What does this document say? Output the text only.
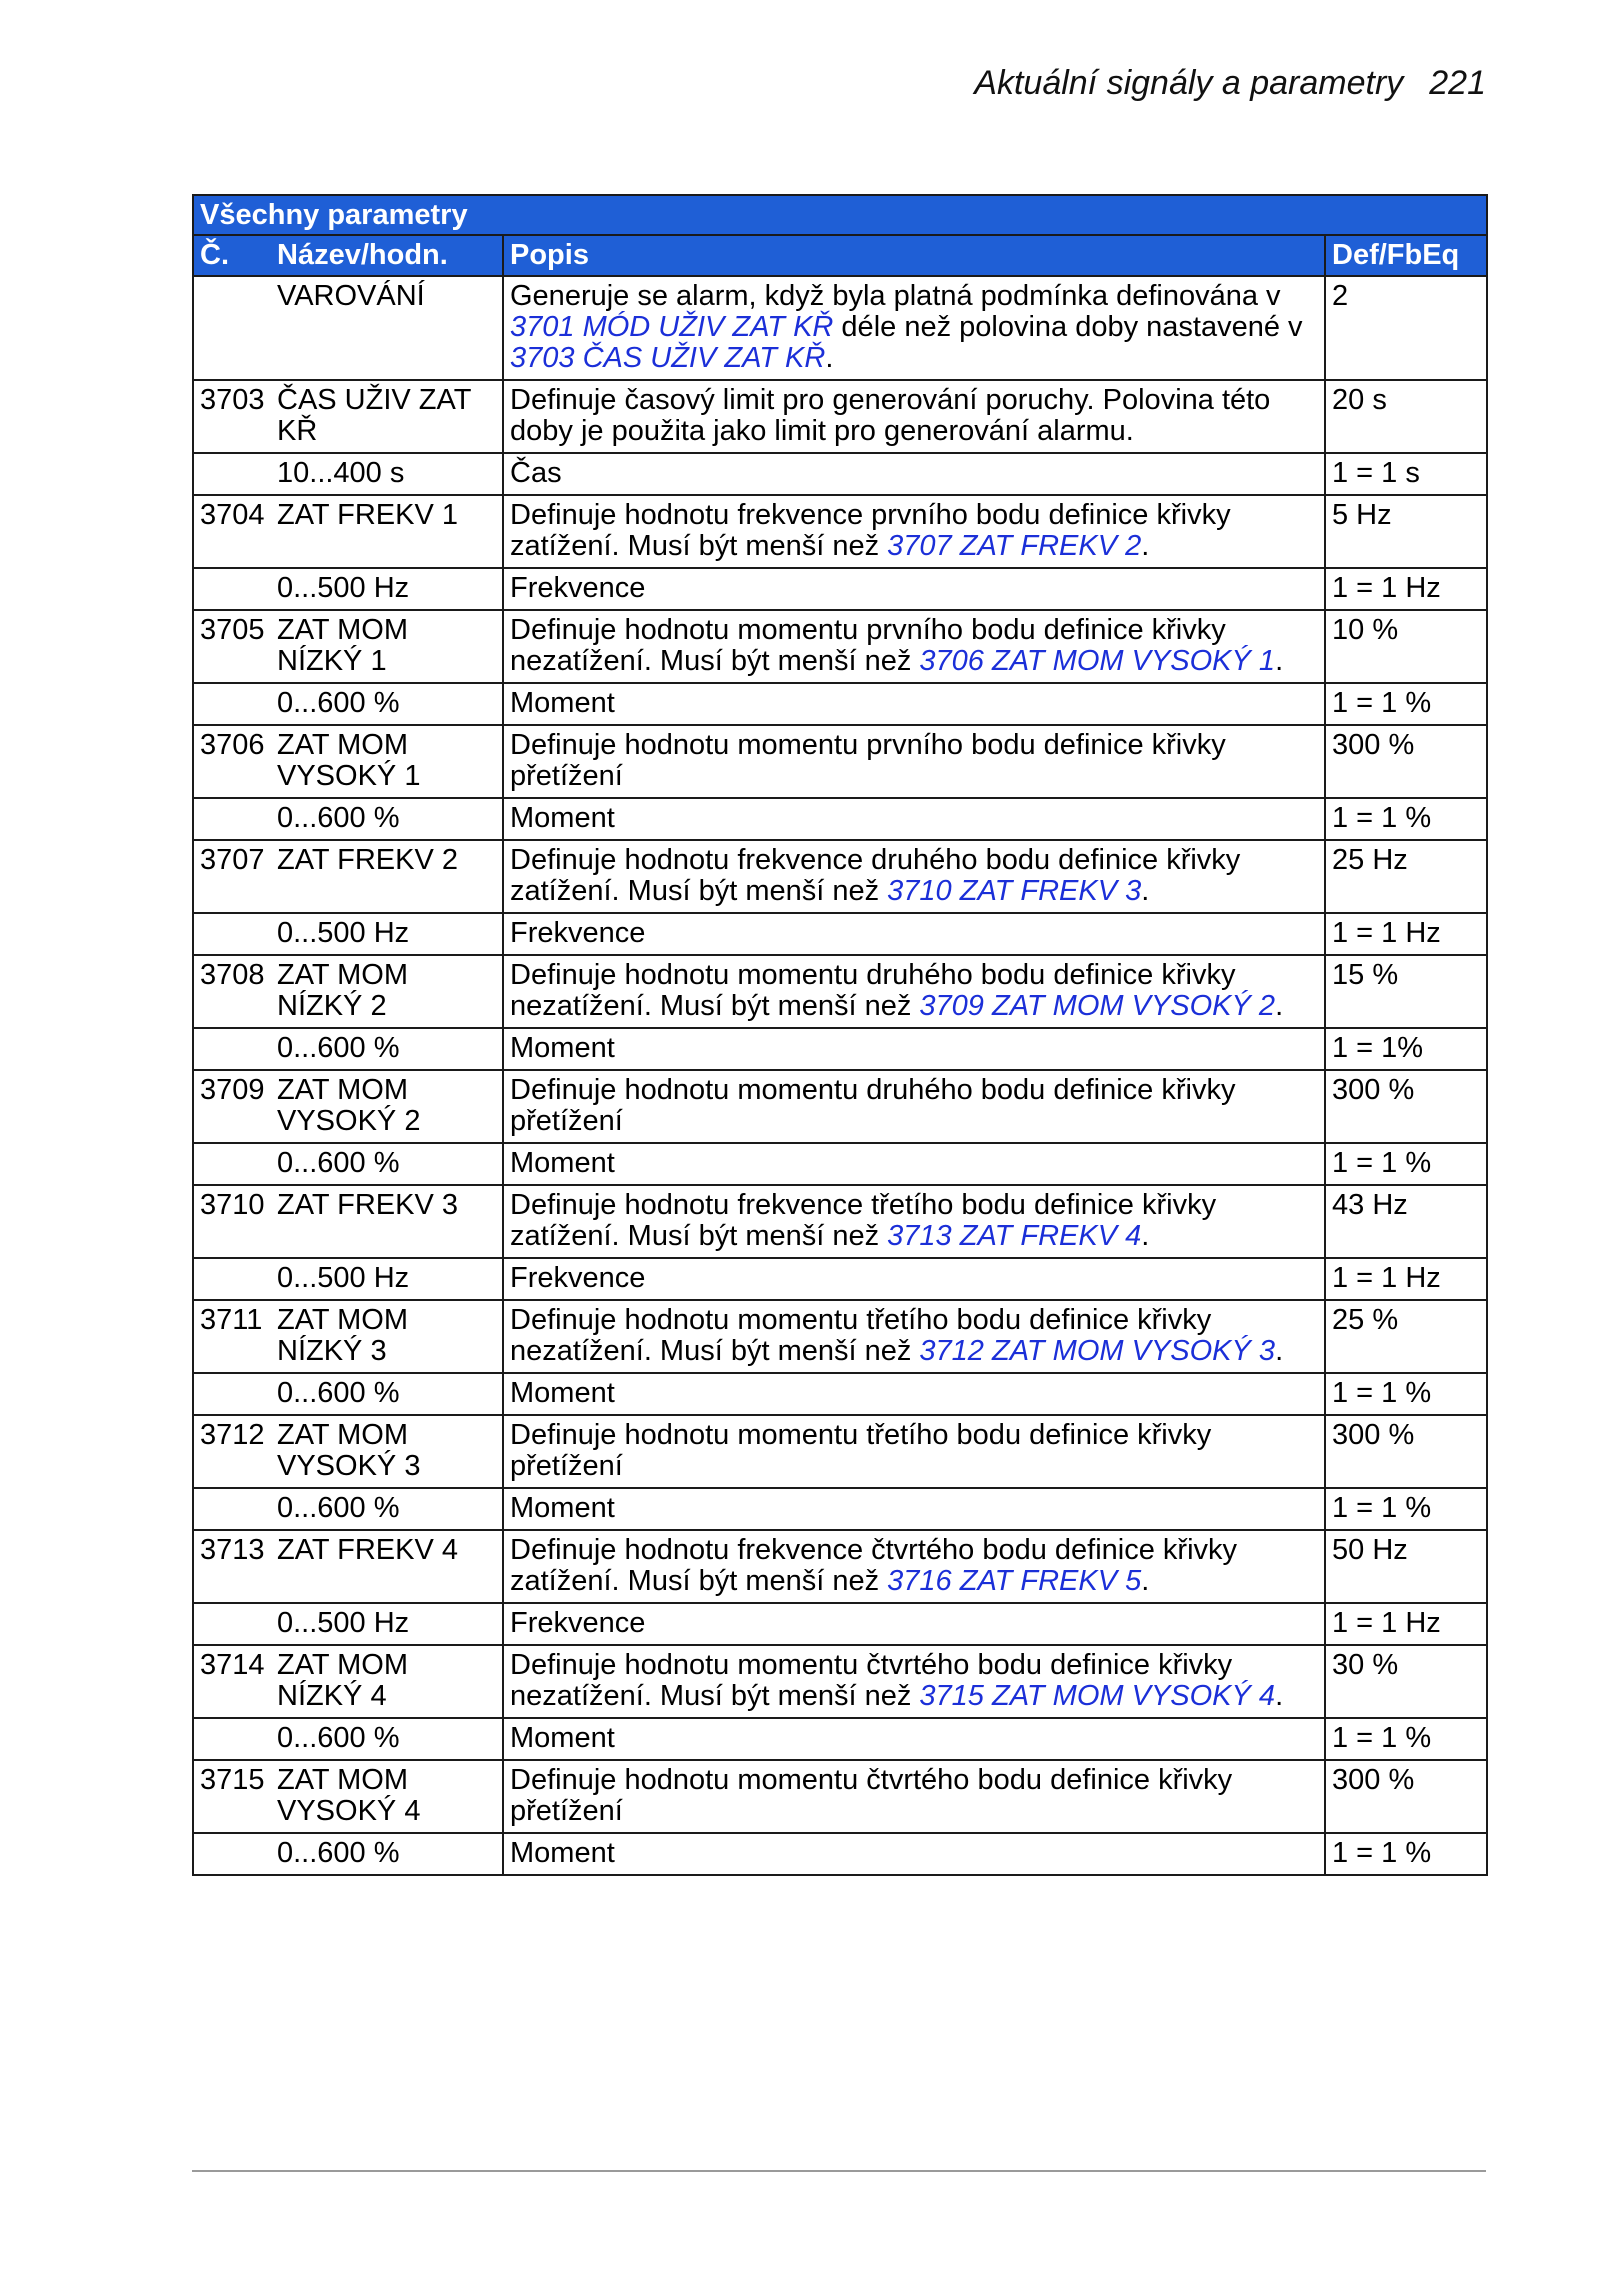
Aktuální signály a parametry 221
Všechny parametry			
Č.	Název/hodn.	Popis	Def/FbEq
	VAROVÁNÍ	Generuje se alarm, když byla platná podmínka definována v 3701 MÓD UŽIV ZAT KŘ déle než polovina doby nastavené v 3703 ČAS UŽIV ZAT KŘ.	2
3703	ČAS UŽIV ZAT KŘ	Definuje časový limit pro generování poruchy. Polovina této doby je použita jako limit pro generování alarmu.	20 s
	10...400 s	Čas	1 = 1 s
3704	ZAT FREKV 1	Definuje hodnotu frekvence prvního bodu definice křivky zatížení. Musí být menší než 3707 ZAT FREKV 2.	5 Hz
	0...500 Hz	Frekvence	1 = 1 Hz
3705	ZAT MOM NÍZKÝ 1	Definuje hodnotu momentu prvního bodu definice křivky nezatížení. Musí být menší než 3706 ZAT MOM VYSOKÝ 1.	10 %
	0...600 %	Moment	1 = 1 %
3706	ZAT MOM VYSOKÝ 1	Definuje hodnotu momentu prvního bodu definice křivky přetížení	300 %
	0...600 %	Moment	1 = 1 %
3707	ZAT FREKV 2	Definuje hodnotu frekvence druhého bodu definice křivky zatížení. Musí být menší než 3710 ZAT FREKV 3.	25 Hz
	0...500 Hz	Frekvence	1 = 1 Hz
3708	ZAT MOM NÍZKÝ 2	Definuje hodnotu momentu druhého bodu definice křivky nezatížení. Musí být menší než 3709 ZAT MOM VYSOKÝ 2.	15 %
	0...600 %	Moment	1 = 1%
3709	ZAT MOM VYSOKÝ 2	Definuje hodnotu momentu druhého bodu definice křivky přetížení	300 %
	0...600 %	Moment	1 = 1 %
3710	ZAT FREKV 3	Definuje hodnotu frekvence třetího bodu definice křivky zatížení. Musí být menší než 3713 ZAT FREKV 4.	43 Hz
	0...500 Hz	Frekvence	1 = 1 Hz
3711	ZAT MOM NÍZKÝ 3	Definuje hodnotu momentu třetího bodu definice křivky nezatížení. Musí být menší než 3712 ZAT MOM VYSOKÝ 3.	25 %
	0...600 %	Moment	1 = 1 %
3712	ZAT MOM VYSOKÝ 3	Definuje hodnotu momentu třetího bodu definice křivky přetížení	300 %
	0...600 %	Moment	1 = 1 %
3713	ZAT FREKV 4	Definuje hodnotu frekvence čtvrtého bodu definice křivky zatížení. Musí být menší než 3716 ZAT FREKV 5.	50 Hz
	0...500 Hz	Frekvence	1 = 1 Hz
3714	ZAT MOM NÍZKÝ 4	Definuje hodnotu momentu čtvrtého bodu definice křivky nezatížení. Musí být menší než 3715 ZAT MOM VYSOKÝ 4.	30 %
	0...600 %	Moment	1 = 1 %
3715	ZAT MOM VYSOKÝ 4	Definuje hodnotu momentu čtvrtého bodu definice křivky přetížení	300 %
	0...600 %	Moment	1 = 1 %
